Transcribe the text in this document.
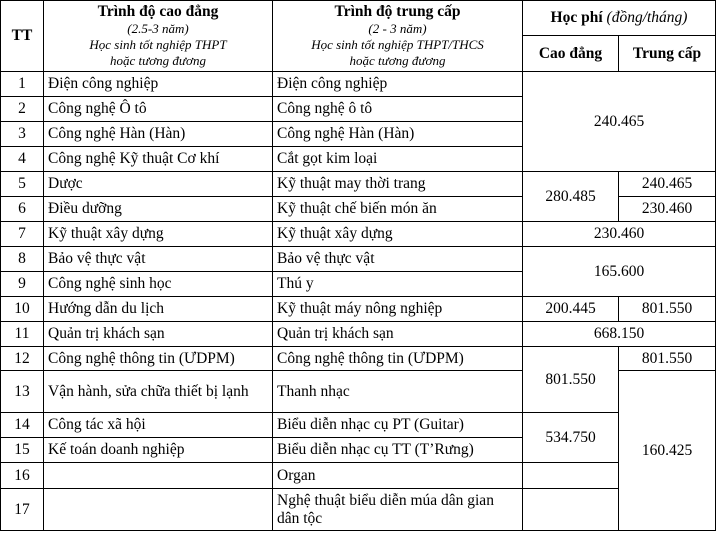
TT	Trình độ cao đẳng
(2.5-3 năm)
Học sinh tốt nghiệp THPT
hoặc tương đương	Trình độ trung cấp
(2 - 3 năm)
Học sinh tốt nghiệp THPT/THCS
hoặc tương đương	Học phí (đồng/tháng)	
			Cao đẳng	Trung cấp
1	Điện công nghiệp	Điện công nghiệp	240.465	
2	Công nghệ Ô tô	Công nghệ ô tô		
3	Công nghệ Hàn (Hàn)	Công nghệ Hàn (Hàn)		
4	Công nghệ Kỹ thuật Cơ khí	Cắt gọt kim loại		
5	Dược	Kỹ thuật may thời trang	280.485	240.465
6	Điều dưỡng	Kỹ thuật chế biến món ăn		230.460
7	Kỹ thuật xây dựng	Kỹ thuật xây dựng	230.460	
8	Bảo vệ thực vật	Bảo vệ thực vật	165.600	
9	Công nghệ sinh học	Thú y		
10	Hướng dẫn du lịch	Kỹ thuật máy nông nghiệp	200.445	801.550
11	Quản trị khách sạn	Quản trị khách sạn	668.150	
12	Công nghệ thông tin (ƯDPM)	Công nghệ thông tin (ƯDPM)	801.550	801.550
13	Vận hành, sửa chữa thiết bị lạnh	Thanh nhạc		160.425
14	Công tác xã hội	Biểu diễn nhạc cụ PT (Guitar)	534.750	
15	Kế toán doanh nghiệp	Biểu diễn nhạc cụ TT (T’Rưng)		
16		Organ		
17		Nghệ thuật biểu diễn múa dân gian dân tộc		
